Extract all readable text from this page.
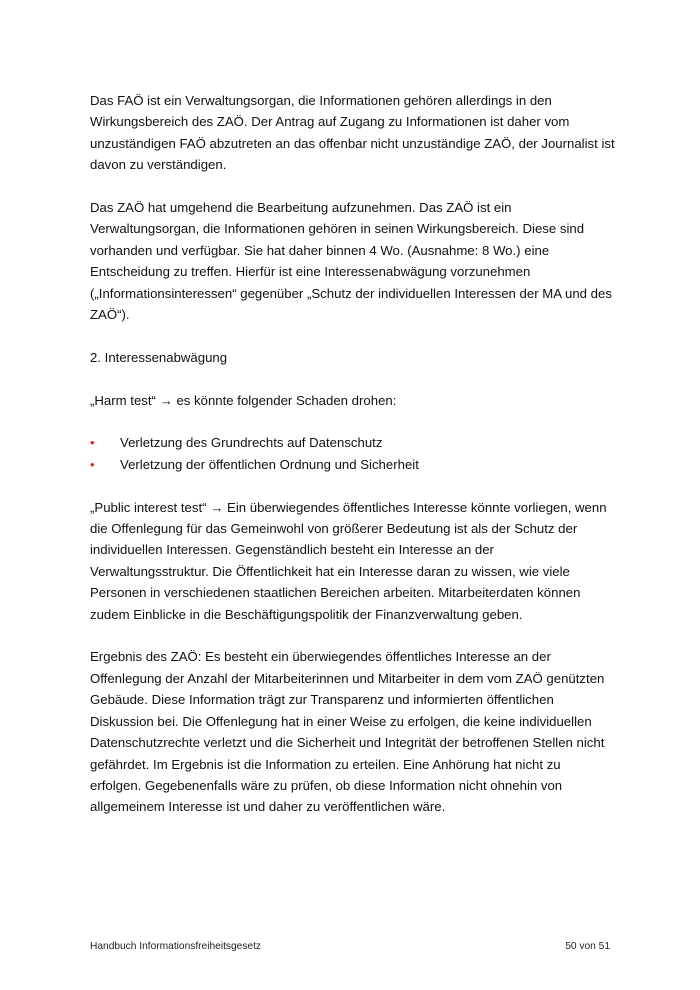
Das FAÖ ist ein Verwaltungsorgan, die Informationen gehören allerdings in den Wirkungsbereich des ZAÖ. Der Antrag auf Zugang zu Informationen ist daher vom unzuständigen FAÖ abzutreten an das offenbar nicht unzuständige ZAÖ, der Journalist ist davon zu verständigen.

Das ZAÖ hat umgehend die Bearbeitung aufzunehmen. Das ZAÖ ist ein Verwaltungsorgan, die Informationen gehören in seinen Wirkungsbereich. Diese sind vorhanden und verfügbar. Sie hat daher binnen 4 Wo. (Ausnahme: 8 Wo.) eine Entscheidung zu treffen. Hierfür ist eine Interessenabwägung vorzunehmen („Informationsinteressen“ gegenüber „Schutz der individuellen Interessen der MA und des ZAÖ“).

2. Interessenabwägung

„Harm test“ → es könnte folgender Schaden drohen:

•	Verletzung des Grundrechts auf Datenschutz
•	Verletzung der öffentlichen Ordnung und Sicherheit

„Public interest test“ → Ein überwiegendes öffentliches Interesse könnte vorliegen, wenn die Offenlegung für das Gemeinwohl von größerer Bedeutung ist als der Schutz der individuellen Interessen. Gegenständlich besteht ein Interesse an der Verwaltungsstruktur. Die Öffentlichkeit hat ein Interesse daran zu wissen, wie viele Personen in verschiedenen staatlichen Bereichen arbeiten. Mitarbeiterdaten können zudem Einblicke in die Beschäftigungspolitik der Finanzverwaltung geben.

Ergebnis des ZAÖ: Es besteht ein überwiegendes öffentliches Interesse an der Offenlegung der Anzahl der Mitarbeiterinnen und Mitarbeiter in dem vom ZAÖ genützten Gebäude. Diese Information trägt zur Transparenz und informierten öffentlichen Diskussion bei. Die Offenlegung hat in einer Weise zu erfolgen, die keine individuellen Datenschutzrechte verletzt und die Sicherheit und Integrität der betroffenen Stellen nicht gefährdet. Im Ergebnis ist die Information zu erteilen. Eine Anhörung hat nicht zu erfolgen. Gegebenenfalls wäre zu prüfen, ob diese Information nicht ohnehin von allgemeinem Interesse ist und daher zu veröffentlichen wäre.

Handbuch Informationsfreiheitsgesetz	50 von 51
